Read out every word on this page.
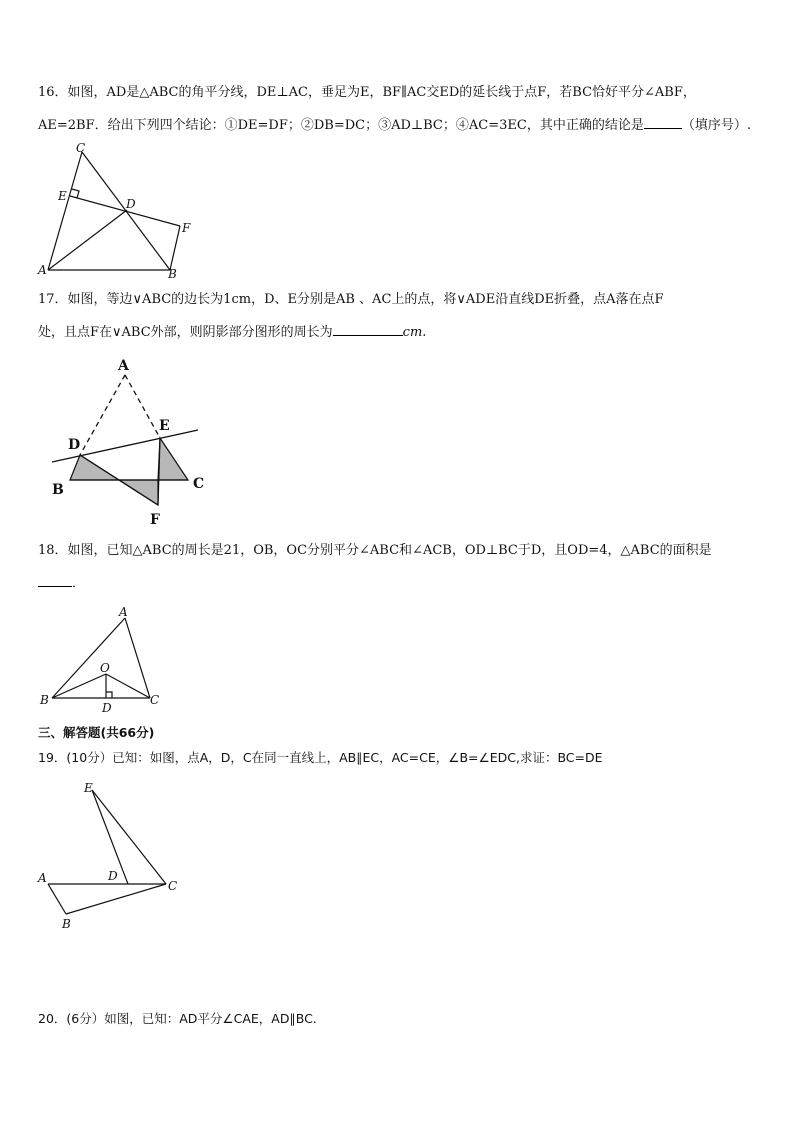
16．如图，AD是△ABC的角平分线，DE⊥AC，垂足为E，BF∥AC交ED的延长线于点F，若BC恰好平分∠ABF，
AE=2BF．给出下列四个结论：①DE=DF；②DB=DC；③AD⊥BC；④AC=3EC，其中正确的结论是	（填序号）.
C
E
D
F
A	B
17．如图，等边∨ABC的边长为1cm，D、E分别是AB 、AC上的点，将∨ADE沿直线DE折叠，点A落在点F
处，且点F在∨ABC外部，则阴影部分图形的周长为	cm.
A
D
E
B	C
F
18．如图，已知△ABC的周长是21，OB，OC分别平分∠ABC和∠ACB，OD⊥BC于D，且OD=4，△ABC的面积是
．
A
O
B
D
C
三、解答题(共66分)
19．(10分）已知：如图，点A，D，C在同一直线上，AB∥EC，AC=CE，∠B=∠EDC,求证：BC=DE
E
A	D
C
B
20．(6分）如图，已知：AD平分∠CAE，AD∥BC.
